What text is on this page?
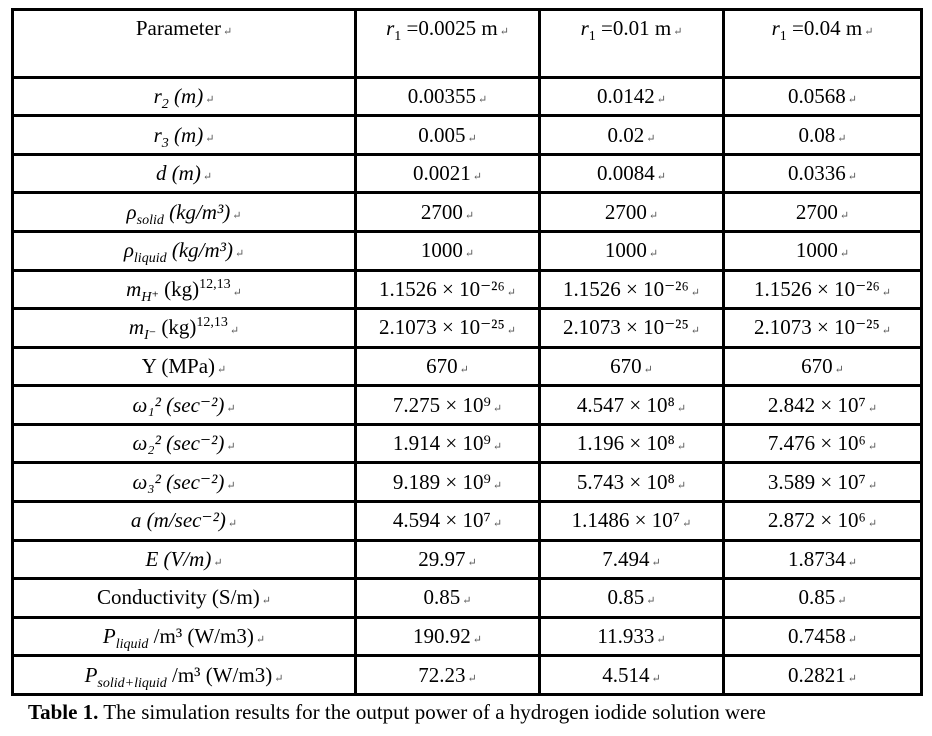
Parameter ↵	$r_1 =0.0025$ m ↵	$r_1 =0.01$ m ↵	$r_1 =0.04$ m ↵
$r_2$ (m) ↵	0.00355 ↵	0.0142 ↵	0.0568 ↵
$r_3$ (m) ↵	0.005 ↵	0.02 ↵	0.08 ↵
d (m) ↵	0.0021 ↵	0.0084 ↵	0.0336 ↵
$\rho_{solid}$ (kg/m³) ↵	2700 ↵	2700 ↵	2700 ↵
$\rho_{liquid}$ (kg/m³) ↵	1000 ↵	1000 ↵	1000 ↵
$m_{H^+}$ (kg)$^{12,13}$↵	1.1526 × 10⁻²⁶ ↵	1.1526 × 10⁻²⁶ ↵	1.1526 × 10⁻²⁶ ↵
$m_{I^-}$ (kg)$^{12,13}$↵	2.1073 × 10⁻²⁵ ↵	2.1073 × 10⁻²⁵ ↵	2.1073 × 10⁻²⁵ ↵
Y (MPa) ↵	670 ↵	670 ↵	670 ↵
ω₁² (sec⁻²) ↵	7.275 × 10⁹ ↵	4.547 × 10⁸ ↵	2.842 × 10⁷ ↵
ω₂² (sec⁻²) ↵	1.914 × 10⁹ ↵	1.196 × 10⁸ ↵	7.476 × 10⁶ ↵
ω₃² (sec⁻²) ↵	9.189 × 10⁹ ↵	5.743 × 10⁸ ↵	3.589 × 10⁷ ↵
a (m/sec⁻²) ↵	4.594 × 10⁷ ↵	1.1486 × 10⁷ ↵	2.872 × 10⁶ ↵
E (V/m) ↵	29.97 ↵	7.494 ↵	1.8734 ↵
Conductivity (S/m) ↵	0.85 ↵	0.85 ↵	0.85 ↵
$P_{liquid}$ /m³ (W/m3) ↵	190.92 ↵	11.933 ↵	0.7458 ↵
$P_{solid+liquid}$ /m³ (W/m3) ↵	72.23 ↵	4.514 ↵	0.2821 ↵
Table 1. The simulation results for the output power of a hydrogen iodide solution were
